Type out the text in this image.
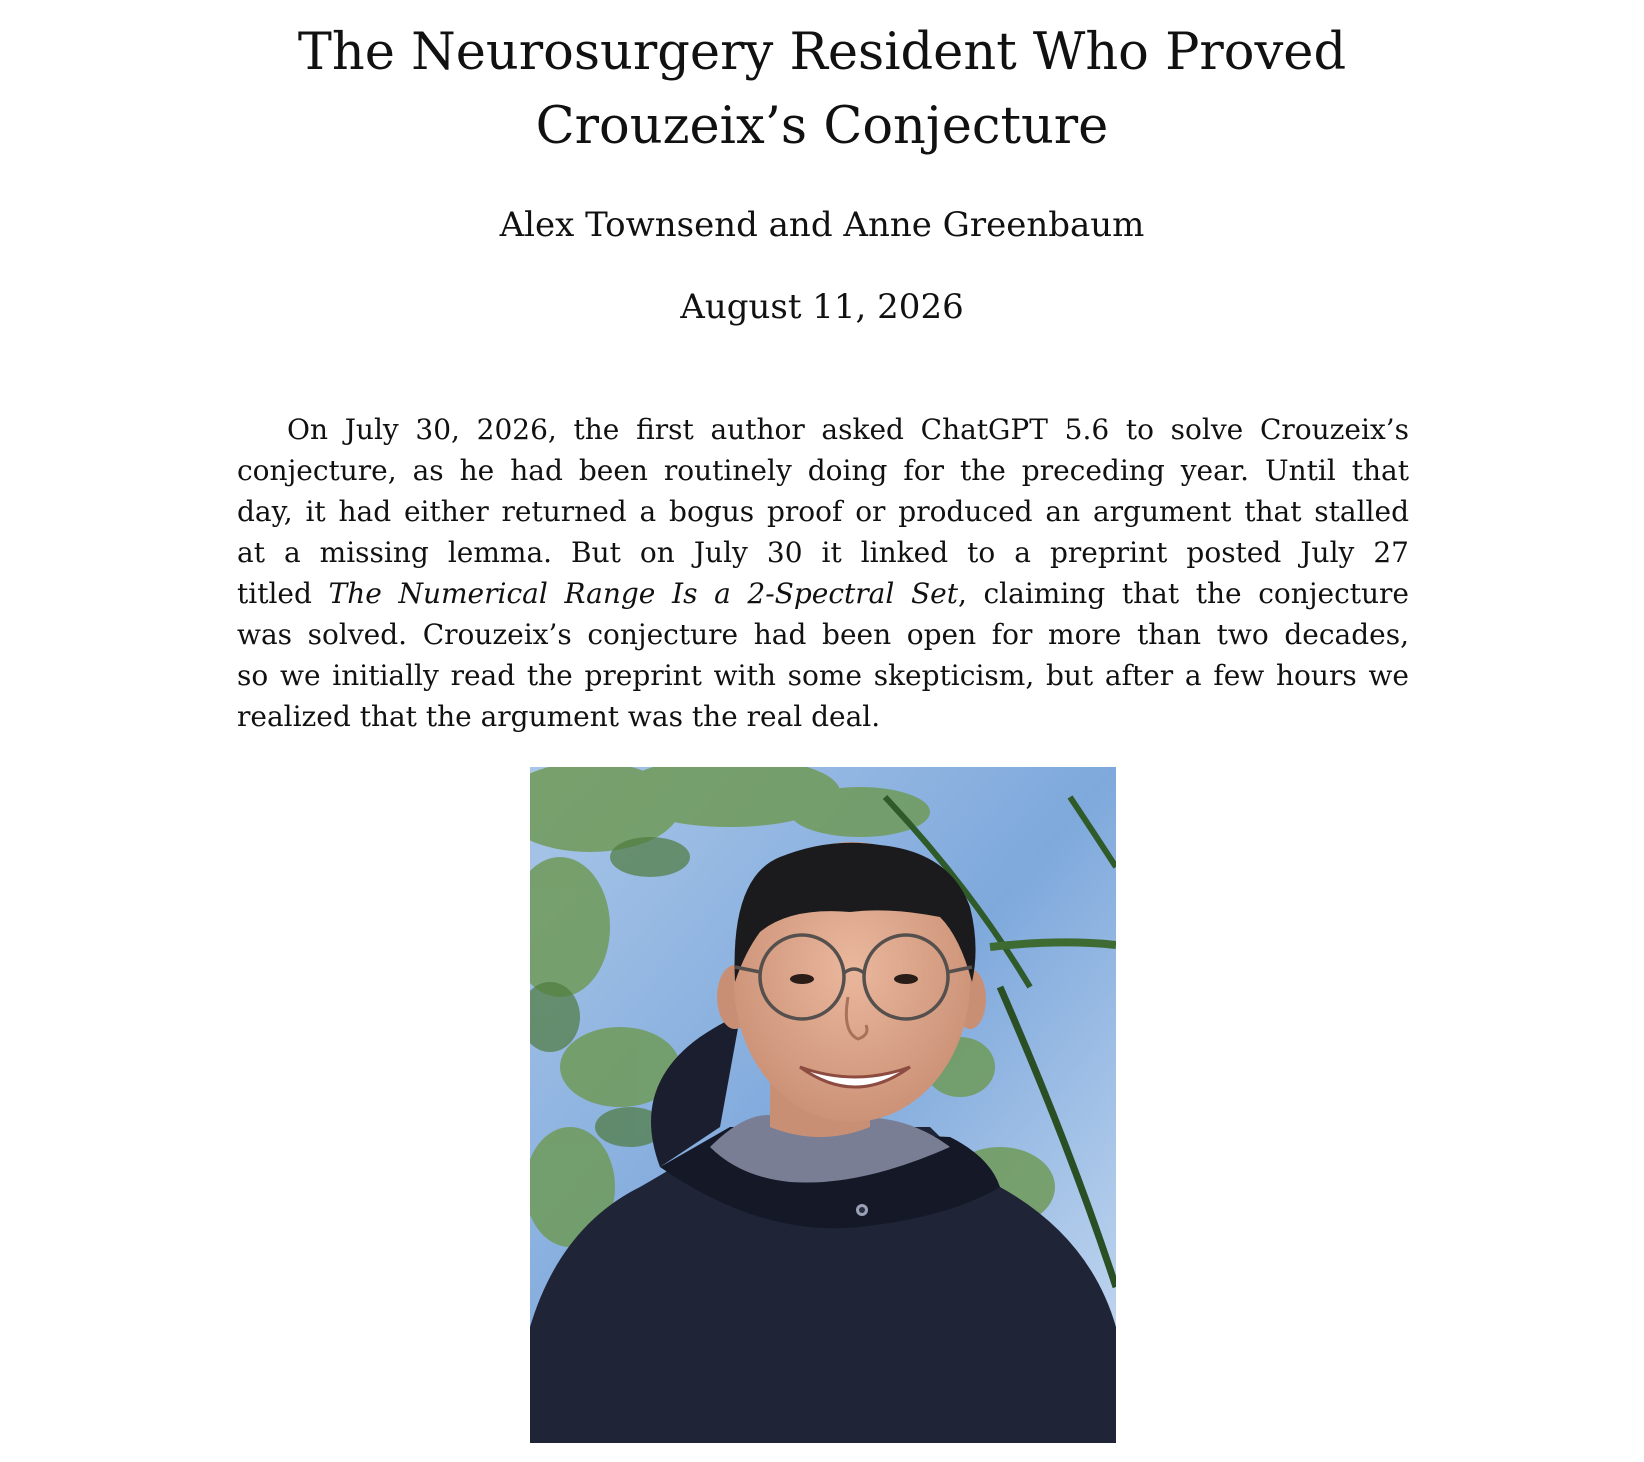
The Neurosurgery Resident Who Proved
Crouzeix’s Conjecture
Alex Townsend and Anne Greenbaum
August 11, 2026
On July 30, 2026, the first author asked ChatGPT 5.6 to solve Crouzeix’s
conjecture, as he had been routinely doing for the preceding year. Until that
day, it had either returned a bogus proof or produced an argument that stalled
at a missing lemma. But on July 30 it linked to a preprint posted July 27
titled The Numerical Range Is a 2-Spectral Set, claiming that the conjecture
was solved. Crouzeix’s conjecture had been open for more than two decades,
so we initially read the preprint with some skepticism, but after a few hours we
realized that the argument was the real deal.
